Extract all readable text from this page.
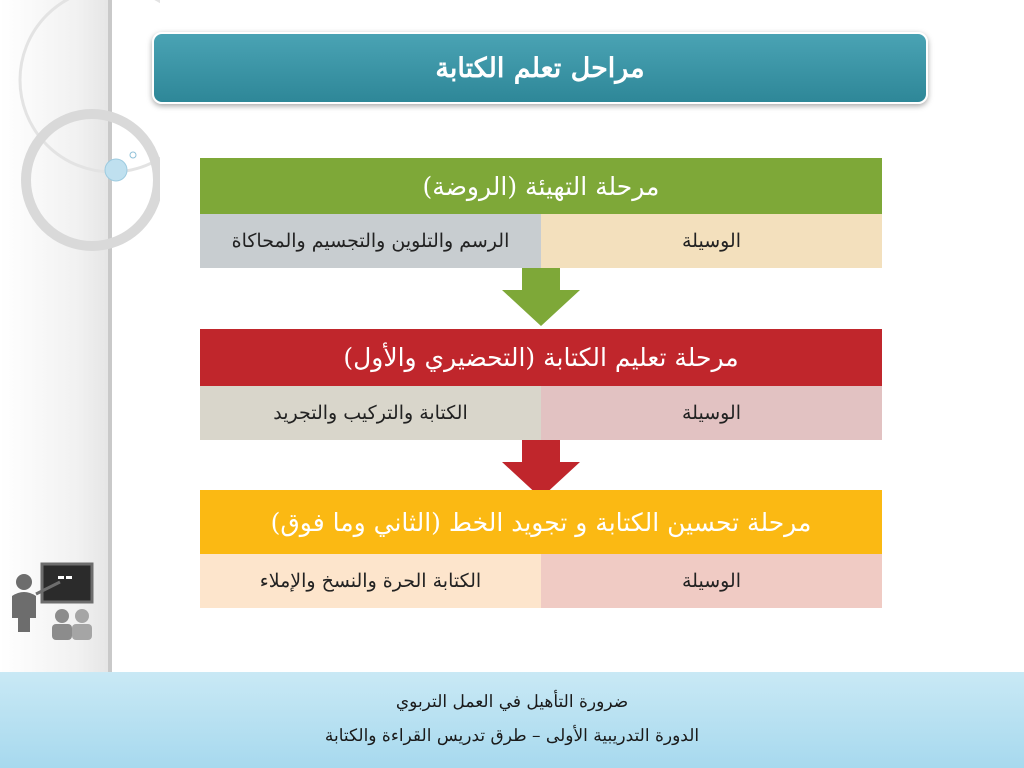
مراحل تعلم الكتابة
مرحلة التهيئة (الروضة)
الرسم والتلوين والتجسيم والمحاكاة	الوسيلة
مرحلة تعليم الكتابة (التحضيري والأول)
الكتابة والتركيب والتجريد	الوسيلة
مرحلة تحسين الكتابة و تجويد الخط (الثاني وما فوق)
الكتابة الحرة والنسخ والإملاء	الوسيلة
ضرورة التأهيل في العمل التربوي
الدورة التدريبية الأولى – طرق تدريس القراءة والكتابة
